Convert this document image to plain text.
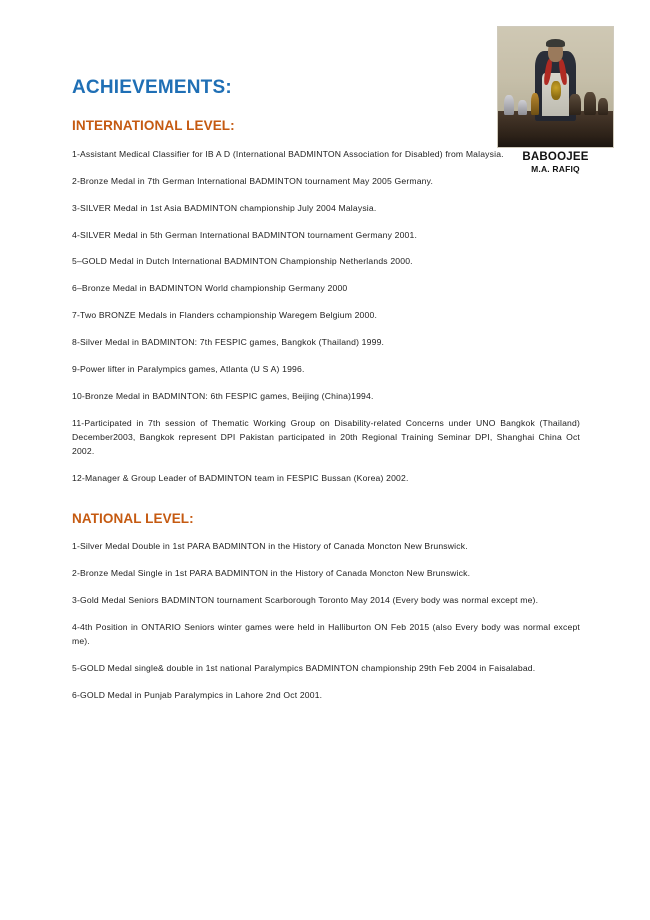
BABOOJEE
M.A. RAFIQ
ACHIEVEMENTS:
INTERNATIONAL LEVEL:

1-Assistant Medical Classifier for IB A D (International BADMINTON Association for Disabled) from Malaysia.

2-Bronze Medal in 7th German International BADMINTON tournament May 2005 Germany.

3-SILVER Medal in 1st Asia BADMINTON championship July 2004 Malaysia.

4-SILVER Medal in 5th German International BADMINTON tournament Germany 2001.

5–GOLD Medal in Dutch International BADMINTON Championship Netherlands 2000.

6–Bronze Medal in BADMINTON World championship Germany 2000

7-Two BRONZE Medals in Flanders cchampionship Waregem Belgium 2000.

8-Silver Medal in BADMINTON: 7th FESPIC games, Bangkok (Thailand) 1999.

9-Power lifter in Paralympics games, Atlanta (U S A) 1996.

10-Bronze Medal in BADMINTON: 6th FESPIC games, Beijing (China)1994.

11-Participated in 7th session of Thematic Working Group on Disability-related Concerns under UNO Bangkok (Thailand) December2003, Bangkok represent DPI Pakistan participated in 20th Regional Training Seminar DPI, Shanghai China Oct 2002.

12-Manager & Group Leader of BADMINTON team in FESPIC Bussan (Korea) 2002.

NATIONAL LEVEL:

1-Silver Medal Double in 1st PARA BADMINTON in the History of Canada Moncton New Brunswick.

2-Bronze Medal Single in 1st PARA BADMINTON in the History of Canada Moncton New Brunswick.

3-Gold Medal Seniors BADMINTON tournament Scarborough Toronto May 2014 (Every body was normal except me).

4-4th Position in ONTARIO Seniors winter games were held in Halliburton ON Feb 2015 (also Every body was normal except me).

5-GOLD Medal single& double in 1st national Paralympics BADMINTON championship 29th Feb 2004 in Faisalabad.

6-GOLD Medal in Punjab Paralympics in Lahore 2nd Oct 2001.
